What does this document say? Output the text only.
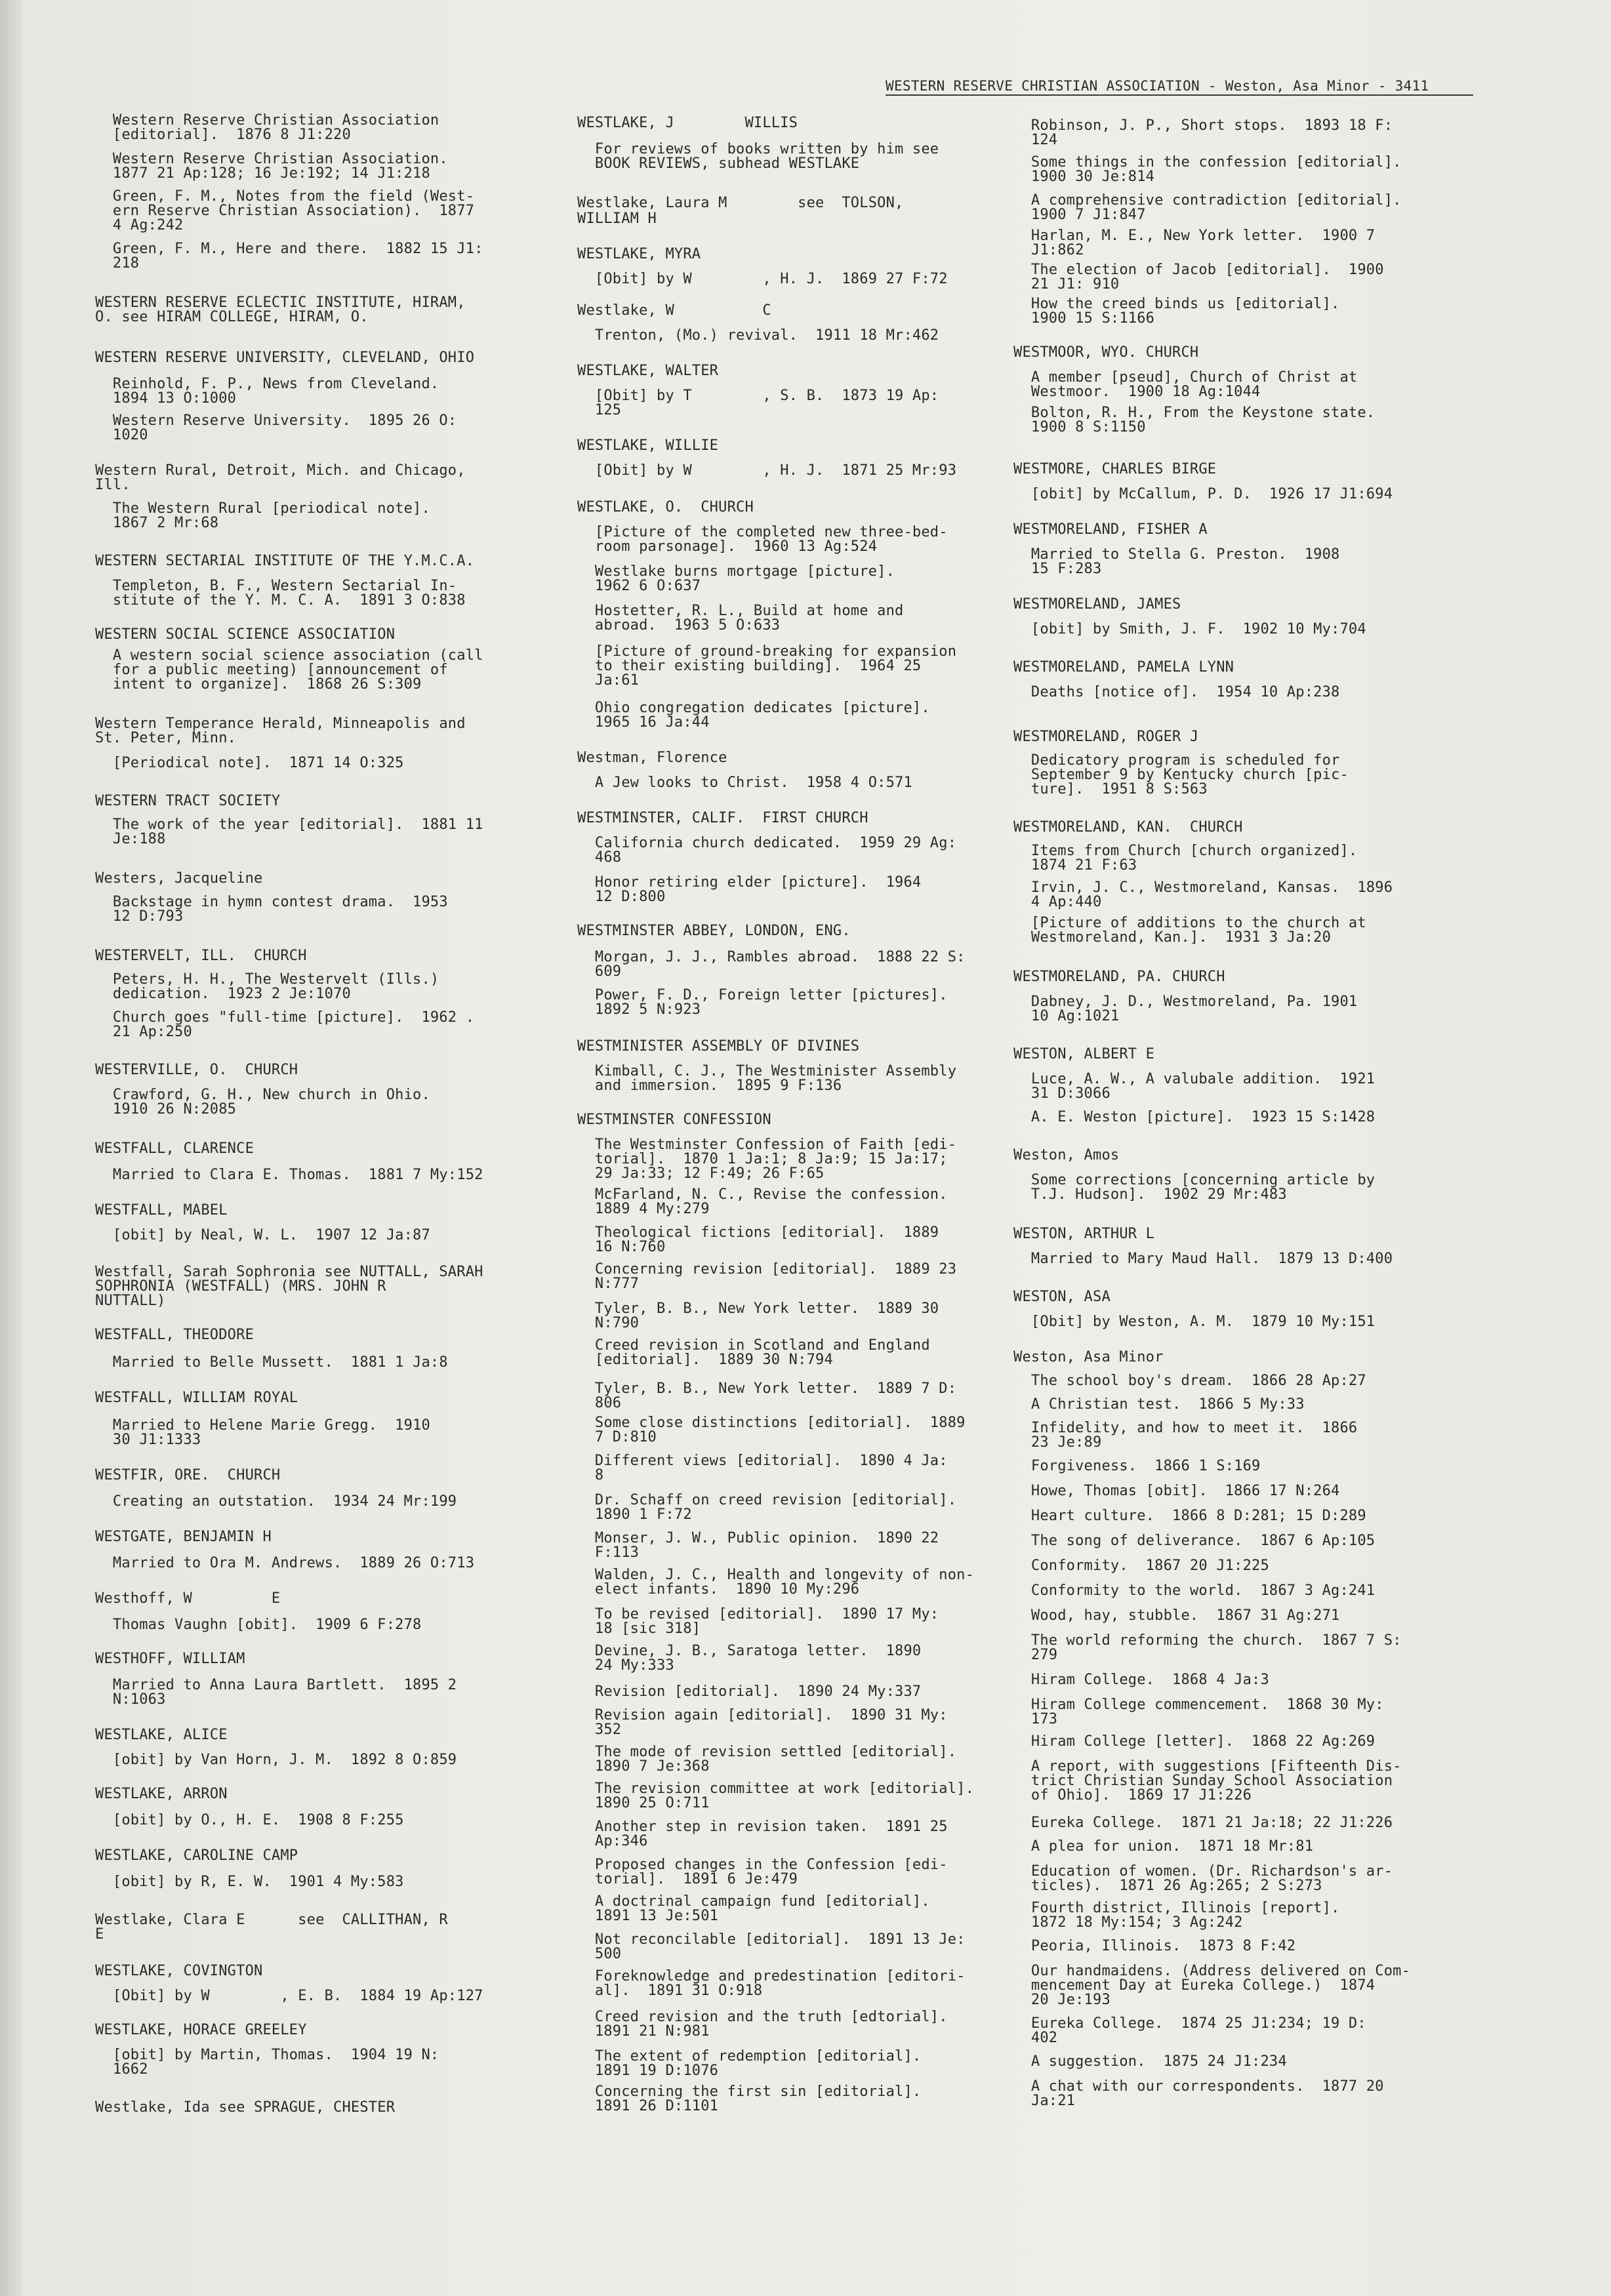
WESTERN RESERVE CHRISTIAN ASSOCIATION - Weston, Asa Minor - 3411
Western Reserve Christian Association
[editorial].  1876 8 J1:220
Western Reserve Christian Association.
1877 21 Ap:128; 16 Je:192; 14 J1:218
Green, F. M., Notes from the field (West-
ern Reserve Christian Association).  1877
4 Ag:242
Green, F. M., Here and there.  1882 15 J1:
218
WESTERN RESERVE ECLECTIC INSTITUTE, HIRAM,
O. see HIRAM COLLEGE, HIRAM, O.
WESTERN RESERVE UNIVERSITY, CLEVELAND, OHIO
Reinhold, F. P., News from Cleveland.
1894 13 O:1000
Western Reserve University.  1895 26 O:
1020
Western Rural, Detroit, Mich. and Chicago,
Ill.
The Western Rural [periodical note].
1867 2 Mr:68
WESTERN SECTARIAL INSTITUTE OF THE Y.M.C.A.
Templeton, B. F., Western Sectarial In-
stitute of the Y. M. C. A.  1891 3 O:838
WESTERN SOCIAL SCIENCE ASSOCIATION
A western social science association (call
for a public meeting) [announcement of
intent to organize].  1868 26 S:309
Western Temperance Herald, Minneapolis and
St. Peter, Minn.
[Periodical note].  1871 14 O:325
WESTERN TRACT SOCIETY
The work of the year [editorial].  1881 11
Je:188
Westers, Jacqueline
Backstage in hymn contest drama.  1953
12 D:793
WESTERVELT, ILL.  CHURCH
Peters, H. H., The Westervelt (Ills.)
dedication.  1923 2 Je:1070
Church goes "full-time [picture].  1962 .
21 Ap:250
WESTERVILLE, O.  CHURCH
Crawford, G. H., New church in Ohio.
1910 26 N:2085
WESTFALL, CLARENCE
Married to Clara E. Thomas.  1881 7 My:152
WESTFALL, MABEL
[obit] by Neal, W. L.  1907 12 Ja:87
Westfall, Sarah Sophronia see NUTTALL, SARAH
SOPHRONIA (WESTFALL) (MRS. JOHN R
NUTTALL)
WESTFALL, THEODORE
Married to Belle Mussett.  1881 1 Ja:8
WESTFALL, WILLIAM ROYAL
Married to Helene Marie Gregg.  1910
30 J1:1333
WESTFIR, ORE.  CHURCH
Creating an outstation.  1934 24 Mr:199
WESTGATE, BENJAMIN H
Married to Ora M. Andrews.  1889 26 O:713
Westhoff, W         E
Thomas Vaughn [obit].  1909 6 F:278
WESTHOFF, WILLIAM
Married to Anna Laura Bartlett.  1895 2
N:1063
WESTLAKE, ALICE
[obit] by Van Horn, J. M.  1892 8 O:859
WESTLAKE, ARRON
[obit] by O., H. E.  1908 8 F:255
WESTLAKE, CAROLINE CAMP
[obit] by R, E. W.  1901 4 My:583
Westlake, Clara E      see  CALLITHAN, R
E
WESTLAKE, COVINGTON
[Obit] by W        , E. B.  1884 19 Ap:127
WESTLAKE, HORACE GREELEY
[obit] by Martin, Thomas.  1904 19 N:
1662
Westlake, Ida see SPRAGUE, CHESTER
WESTLAKE, J        WILLIS
For reviews of books written by him see
BOOK REVIEWS, subhead WESTLAKE
Westlake, Laura M        see  TOLSON,
WILLIAM H
WESTLAKE, MYRA
[Obit] by W        , H. J.  1869 27 F:72
Westlake, W          C
Trenton, (Mo.) revival.  1911 18 Mr:462
WESTLAKE, WALTER
[Obit] by T        , S. B.  1873 19 Ap:
125
WESTLAKE, WILLIE
[Obit] by W        , H. J.  1871 25 Mr:93
WESTLAKE, O.  CHURCH
[Picture of the completed new three-bed-
room parsonage].  1960 13 Ag:524
Westlake burns mortgage [picture].
1962 6 O:637
Hostetter, R. L., Build at home and
abroad.  1963 5 O:633
[Picture of ground-breaking for expansion
to their existing building].  1964 25
Ja:61
Ohio congregation dedicates [picture].
1965 16 Ja:44
Westman, Florence
A Jew looks to Christ.  1958 4 O:571
WESTMINSTER, CALIF.  FIRST CHURCH
California church dedicated.  1959 29 Ag:
468
Honor retiring elder [picture].  1964
12 D:800
WESTMINSTER ABBEY, LONDON, ENG.
Morgan, J. J., Rambles abroad.  1888 22 S:
609
Power, F. D., Foreign letter [pictures].
1892 5 N:923
WESTMINISTER ASSEMBLY OF DIVINES
Kimball, C. J., The Westminister Assembly
and immersion.  1895 9 F:136
WESTMINSTER CONFESSION
The Westminster Confession of Faith [edi-
torial].  1870 1 Ja:1; 8 Ja:9; 15 Ja:17;
29 Ja:33; 12 F:49; 26 F:65
McFarland, N. C., Revise the confession.
1889 4 My:279
Theological fictions [editorial].  1889
16 N:760
Concerning revision [editorial].  1889 23
N:777
Tyler, B. B., New York letter.  1889 30
N:790
Creed revision in Scotland and England
[editorial].  1889 30 N:794
Tyler, B. B., New York letter.  1889 7 D:
806
Some close distinctions [editorial].  1889
7 D:810
Different views [editorial].  1890 4 Ja:
8
Dr. Schaff on creed revision [editorial].
1890 1 F:72
Monser, J. W., Public opinion.  1890 22
F:113
Walden, J. C., Health and longevity of non-
elect infants.  1890 10 My:296
To be revised [editorial].  1890 17 My:
18 [sic 318]
Devine, J. B., Saratoga letter.  1890
24 My:333
Revision [editorial].  1890 24 My:337
Revision again [editorial].  1890 31 My:
352
The mode of revision settled [editorial].
1890 7 Je:368
The revision committee at work [editorial].
1890 25 O:711
Another step in revision taken.  1891 25
Ap:346
Proposed changes in the Confession [edi-
torial].  1891 6 Je:479
A doctrinal campaign fund [editorial].
1891 13 Je:501
Not reconcilable [editorial].  1891 13 Je:
500
Foreknowledge and predestination [editori-
al].  1891 31 O:918
Creed revision and the truth [edtorial].
1891 21 N:981
The extent of redemption [editorial].
1891 19 D:1076
Concerning the first sin [editorial].
1891 26 D:1101
Robinson, J. P., Short stops.  1893 18 F:
124
Some things in the confession [editorial].
1900 30 Je:814
A comprehensive contradiction [editorial].
1900 7 J1:847
Harlan, M. E., New York letter.  1900 7
J1:862
The election of Jacob [editorial].  1900
21 J1: 910
How the creed binds us [editorial].
1900 15 S:1166
WESTMOOR, WYO. CHURCH
A member [pseud], Church of Christ at
Westmoor.  1900 18 Ag:1044
Bolton, R. H., From the Keystone state.
1900 8 S:1150
WESTMORE, CHARLES BIRGE
[obit] by McCallum, P. D.  1926 17 J1:694
WESTMORELAND, FISHER A
Married to Stella G. Preston.  1908
15 F:283
WESTMORELAND, JAMES
[obit] by Smith, J. F.  1902 10 My:704
WESTMORELAND, PAMELA LYNN
Deaths [notice of].  1954 10 Ap:238
WESTMORELAND, ROGER J
Dedicatory program is scheduled for
September 9 by Kentucky church [pic-
ture].  1951 8 S:563
WESTMORELAND, KAN.  CHURCH
Items from Church [church organized].
1874 21 F:63
Irvin, J. C., Westmoreland, Kansas.  1896
4 Ap:440
[Picture of additions to the church at
Westmoreland, Kan.].  1931 3 Ja:20
WESTMORELAND, PA. CHURCH
Dabney, J. D., Westmoreland, Pa. 1901
10 Ag:1021
WESTON, ALBERT E
Luce, A. W., A valubale addition.  1921
31 D:3066
A. E. Weston [picture].  1923 15 S:1428
Weston, Amos
Some corrections [concerning article by
T.J. Hudson].  1902 29 Mr:483
WESTON, ARTHUR L
Married to Mary Maud Hall.  1879 13 D:400
WESTON, ASA
[Obit] by Weston, A. M.  1879 10 My:151
Weston, Asa Minor
The school boy's dream.  1866 28 Ap:27
A Christian test.  1866 5 My:33
Infidelity, and how to meet it.  1866
23 Je:89
Forgiveness.  1866 1 S:169
Howe, Thomas [obit].  1866 17 N:264
Heart culture.  1866 8 D:281; 15 D:289
The song of deliverance.  1867 6 Ap:105
Conformity.  1867 20 J1:225
Conformity to the world.  1867 3 Ag:241
Wood, hay, stubble.  1867 31 Ag:271
The world reforming the church.  1867 7 S:
279
Hiram College.  1868 4 Ja:3
Hiram College commencement.  1868 30 My:
173
Hiram College [letter].  1868 22 Ag:269
A report, with suggestions [Fifteenth Dis-
trict Christian Sunday School Association
of Ohio].  1869 17 J1:226
Eureka College.  1871 21 Ja:18; 22 J1:226
A plea for union.  1871 18 Mr:81
Education of women. (Dr. Richardson's ar-
ticles).  1871 26 Ag:265; 2 S:273
Fourth district, Illinois [report].
1872 18 My:154; 3 Ag:242
Peoria, Illinois.  1873 8 F:42
Our handmaidens. (Address delivered on Com-
mencement Day at Eureka College.)  1874
20 Je:193
Eureka College.  1874 25 J1:234; 19 D:
402
A suggestion.  1875 24 J1:234
A chat with our correspondents.  1877 20
Ja:21
